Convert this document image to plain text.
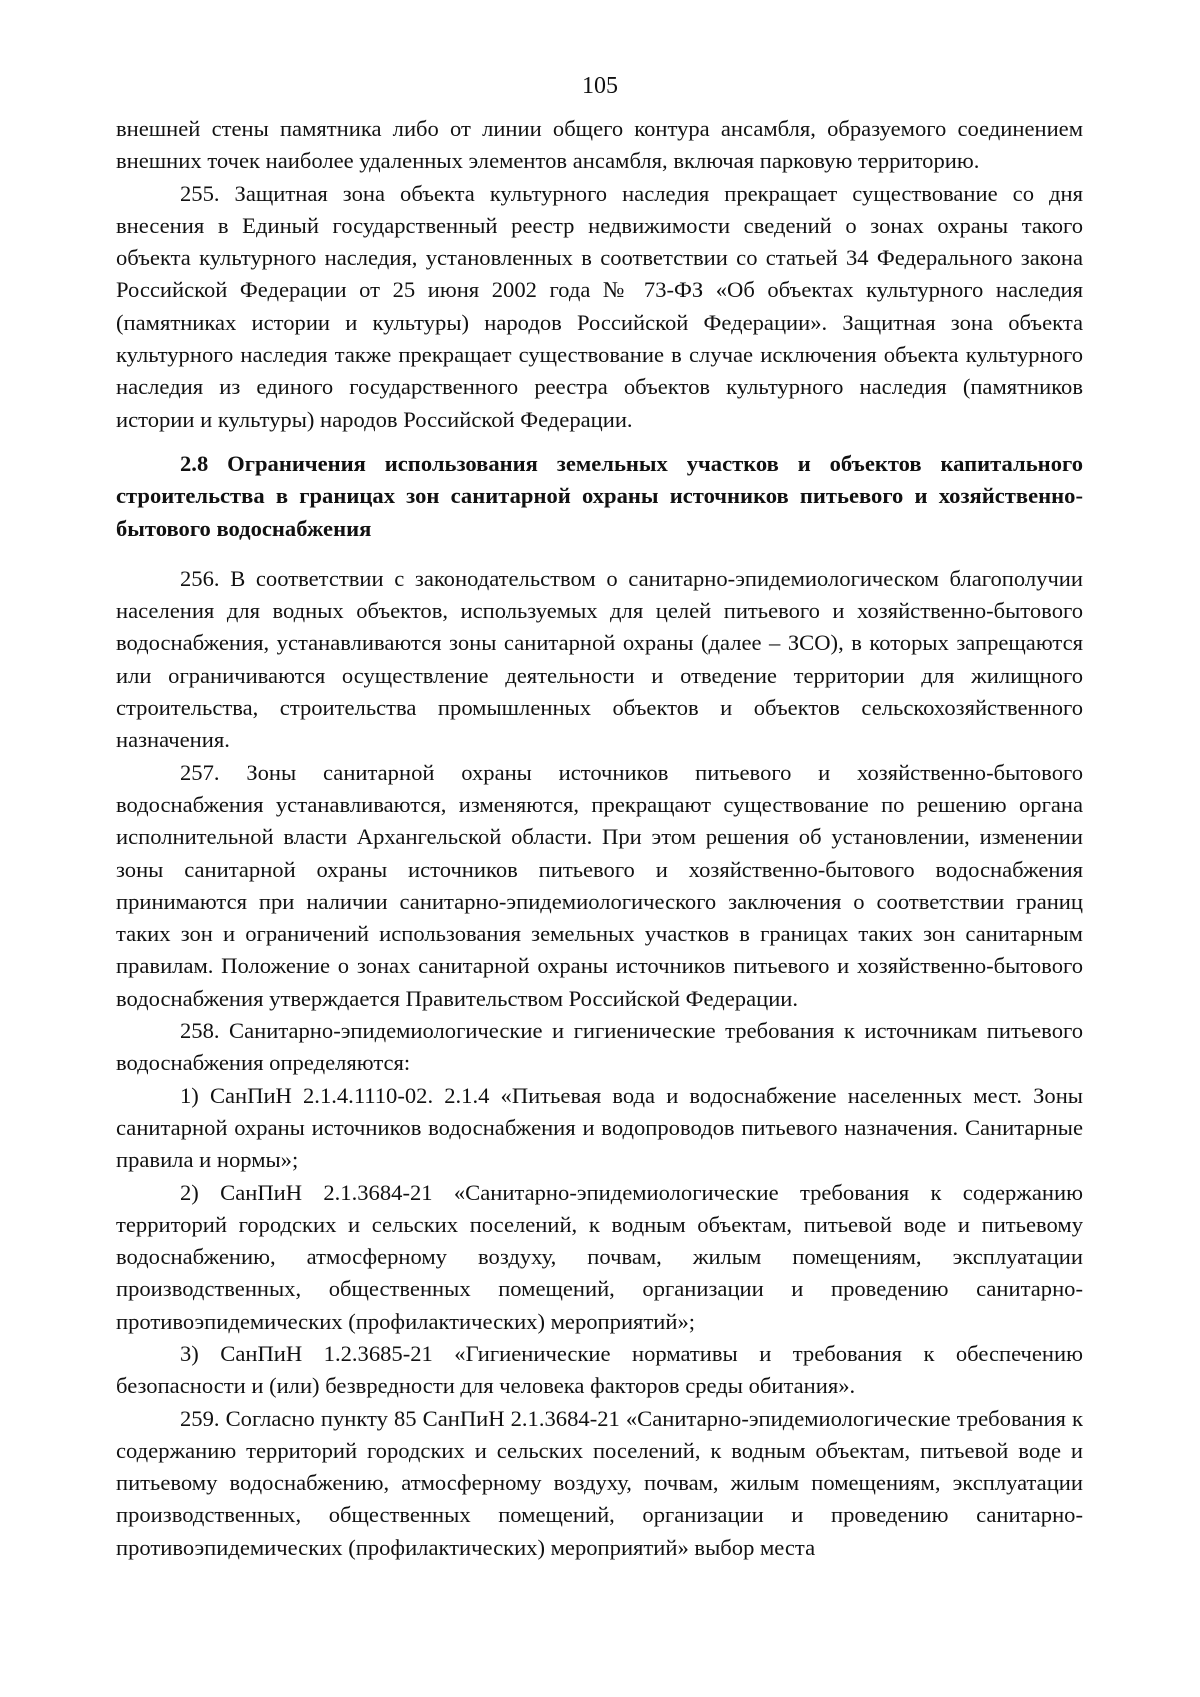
105

внешней стены памятника либо от линии общего контура ансамбля, образуемого соединением внешних точек наиболее удаленных элементов ансамбля, включая парковую территорию.

255. Защитная зона объекта культурного наследия прекращает существование со дня внесения в Единый государственный реестр недвижимости сведений о зонах охраны такого объекта культурного наследия, установленных в соответствии со статьей 34 Федерального закона Российской Федерации от 25 июня 2002 года № 73-ФЗ «Об объектах культурного наследия (памятниках истории и культуры) народов Российской Федерации». Защитная зона объекта культурного наследия также прекращает существование в случае исключения объекта культурного наследия из единого государственного реестра объектов культурного наследия (памятников истории и культуры) народов Российской Федерации.

2.8 Ограничения использования земельных участков и объектов капитального строительства в границах зон санитарной охраны источников питьевого и хозяйственно-бытового водоснабжения

256. В соответствии с законодательством о санитарно-эпидемиологическом благополучии населения для водных объектов, используемых для целей питьевого и хозяйственно-бытового водоснабжения, устанавливаются зоны санитарной охраны (далее – ЗСО), в которых запрещаются или ограничиваются осуществление деятельности и отведение территории для жилищного строительства, строительства промышленных объектов и объектов сельскохозяйственного назначения.

257. Зоны санитарной охраны источников питьевого и хозяйственно-бытового водоснабжения устанавливаются, изменяются, прекращают существование по решению органа исполнительной власти Архангельской области. При этом решения об установлении, изменении зоны санитарной охраны источников питьевого и хозяйственно-бытового водоснабжения принимаются при наличии санитарно-эпидемиологического заключения о соответствии границ таких зон и ограничений использования земельных участков в границах таких зон санитарным правилам. Положение о зонах санитарной охраны источников питьевого и хозяйственно-бытового водоснабжения утверждается Правительством Российской Федерации.

258. Санитарно-эпидемиологические и гигиенические требования к источникам питьевого водоснабжения определяются:

1) СанПиН 2.1.4.1110-02. 2.1.4 «Питьевая вода и водоснабжение населенных мест. Зоны санитарной охраны источников водоснабжения и водопроводов питьевого назначения. Санитарные правила и нормы»;

2) СанПиН 2.1.3684-21 «Санитарно-эпидемиологические требования к содержанию территорий городских и сельских поселений, к водным объектам, питьевой воде и питьевому водоснабжению, атмосферному воздуху, почвам, жилым помещениям, эксплуатации производственных, общественных помещений, организации и проведению санитарно-противоэпидемических (профилактических) мероприятий»;

3) СанПиН 1.2.3685-21 «Гигиенические нормативы и требования к обеспечению безопасности и (или) безвредности для человека факторов среды обитания».

259. Согласно пункту 85 СанПиН 2.1.3684-21 «Санитарно-эпидемиологические требования к содержанию территорий городских и сельских поселений, к водным объектам, питьевой воде и питьевому водоснабжению, атмосферному воздуху, почвам, жилым помещениям, эксплуатации производственных, общественных помещений, организации и проведению санитарно-противоэпидемических (профилактических) мероприятий» выбор места
